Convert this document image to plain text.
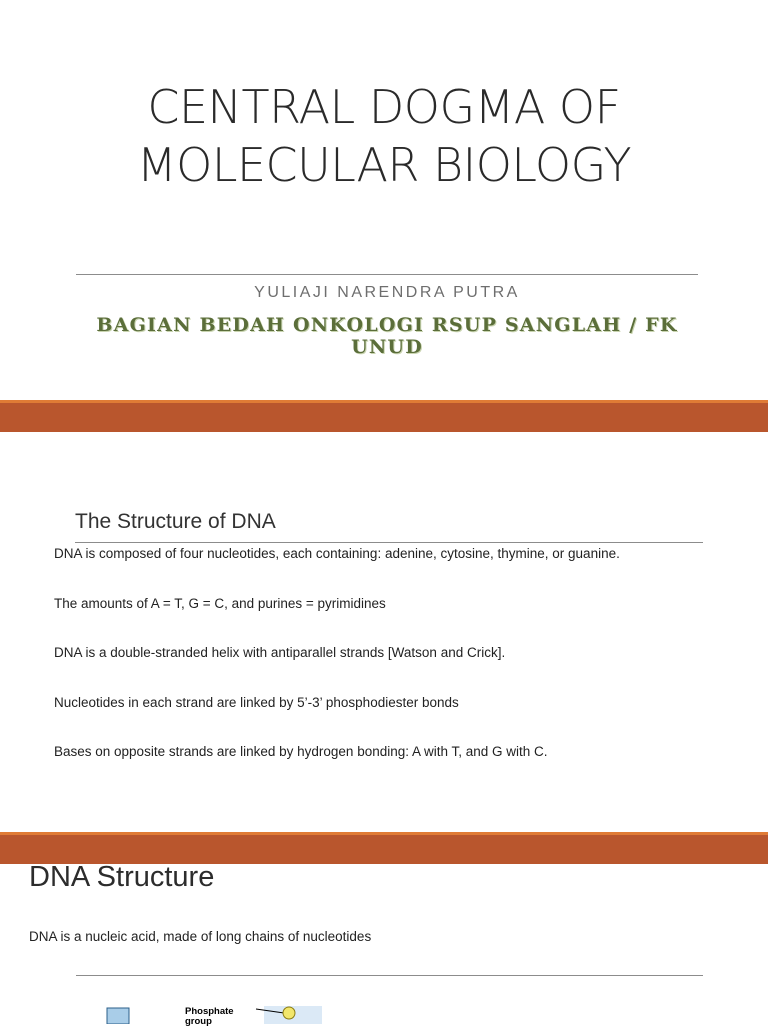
CENTRAL DOGMA OF MOLECULAR BIOLOGY
YULIAJI NARENDRA PUTRA
BAGIAN BEDAH ONKOLOGI RSUP SANGLAH / FK UNUD
The Structure of DNA
DNA is composed of four nucleotides, each containing: adenine, cytosine, thymine, or guanine.
The amounts of A = T, G = C, and purines = pyrimidines
DNA is a double-stranded helix with antiparallel strands [Watson and Crick].
Nucleotides in each strand are linked by 5’-3’ phosphodiester bonds
Bases on opposite strands are linked by hydrogen bonding: A with T, and G with C.
DNA Structure
DNA is a nucleic acid, made of long chains of nucleotides
Phosphate group
